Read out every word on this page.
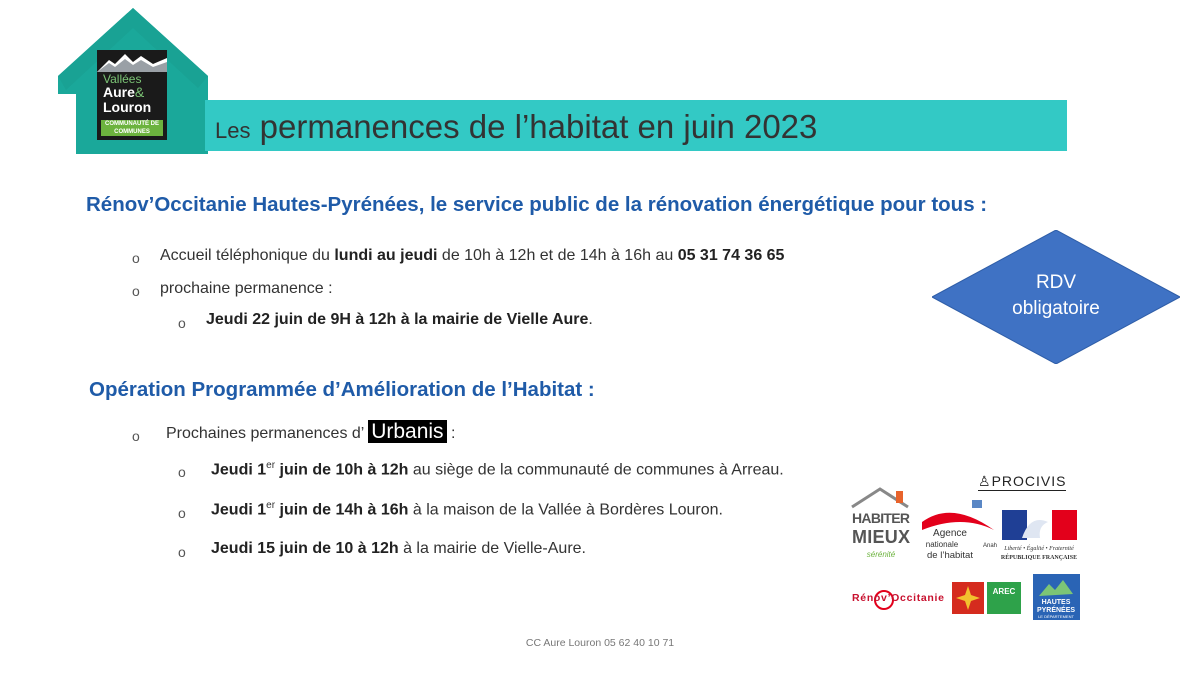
Vallées
Aure&
Louron
COMMUNAUTÉ DE COMMUNES	Les permanences de l’habitat en juin 2023
Rénov’Occitanie Hautes-Pyrénées, le service public de la rénovation énergétique pour tous :
o Accueil téléphonique du lundi au jeudi de 10h à 12h et de 14h à 16h au 05 31 74 36 65
o prochaine permanence :
o Jeudi 22 juin de 9H à 12h à la mairie de Vielle Aure.
RDV
obligatoire
Opération Programmée d’Amélioration de l’Habitat :
o Prochaines permanences d’ Urbanis :
o Jeudi 1er juin de 10h à 12h au siège de la communauté de communes à Arreau.
o Jeudi 1er juin de 14h à 16h à la maison de la Vallée à Bordères Louron.
o Jeudi 15 juin de 10 à 12h à la mairie de Vielle-Aure.
♙PROCIVIS
HABITER
MIEUX
sérénité
Agence
nationale
de l’habitat
Anah Liberté • Égalité • Fraternité
RÉPUBLIQUE FRANÇAISE
Rénov’Occitanie
AREC
HAUTES
PYRÉNÉES
LE DÉPARTEMENT
CC Aure Louron 05 62 40 10 71
